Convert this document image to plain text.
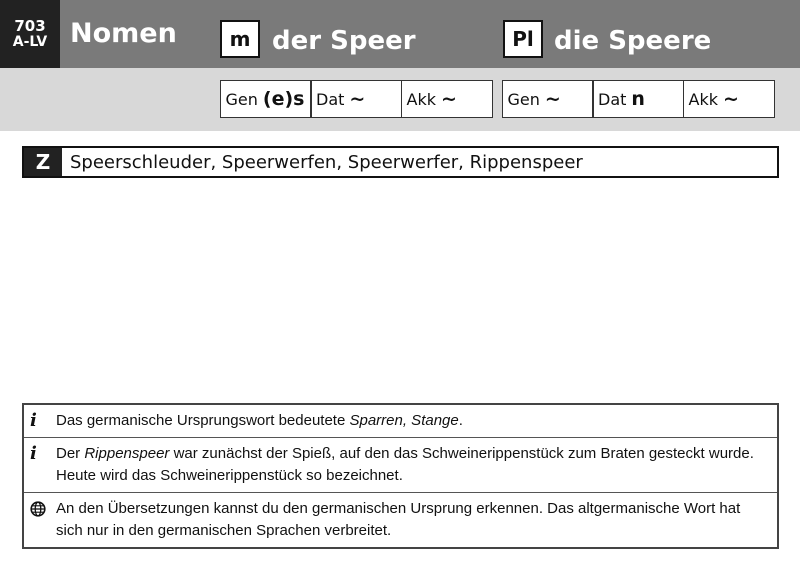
703
A-LV Nomen	m der Speer	Pl die Speere
Gen (e)s Dat ~	Akk ~	Gen ~ Dat n	Akk ~
Z	Speerschleuder, Speerwerfen, Speerwerfer, Rippenspeer
i	Das germanische Ursprungswort bedeutete Sparren, Stange.
i	Der Rippenspeer war zunächst der Spieß, auf den das Schweinerippenstück zum Braten gesteckt wurde. Heute wird das Schweinerippenstück so bezeichnet.
An den Übersetzungen kannst du den germanischen Ursprung erkennen. Das altgermanische Wort hat sich nur in den germanischen Sprachen verbreitet.
